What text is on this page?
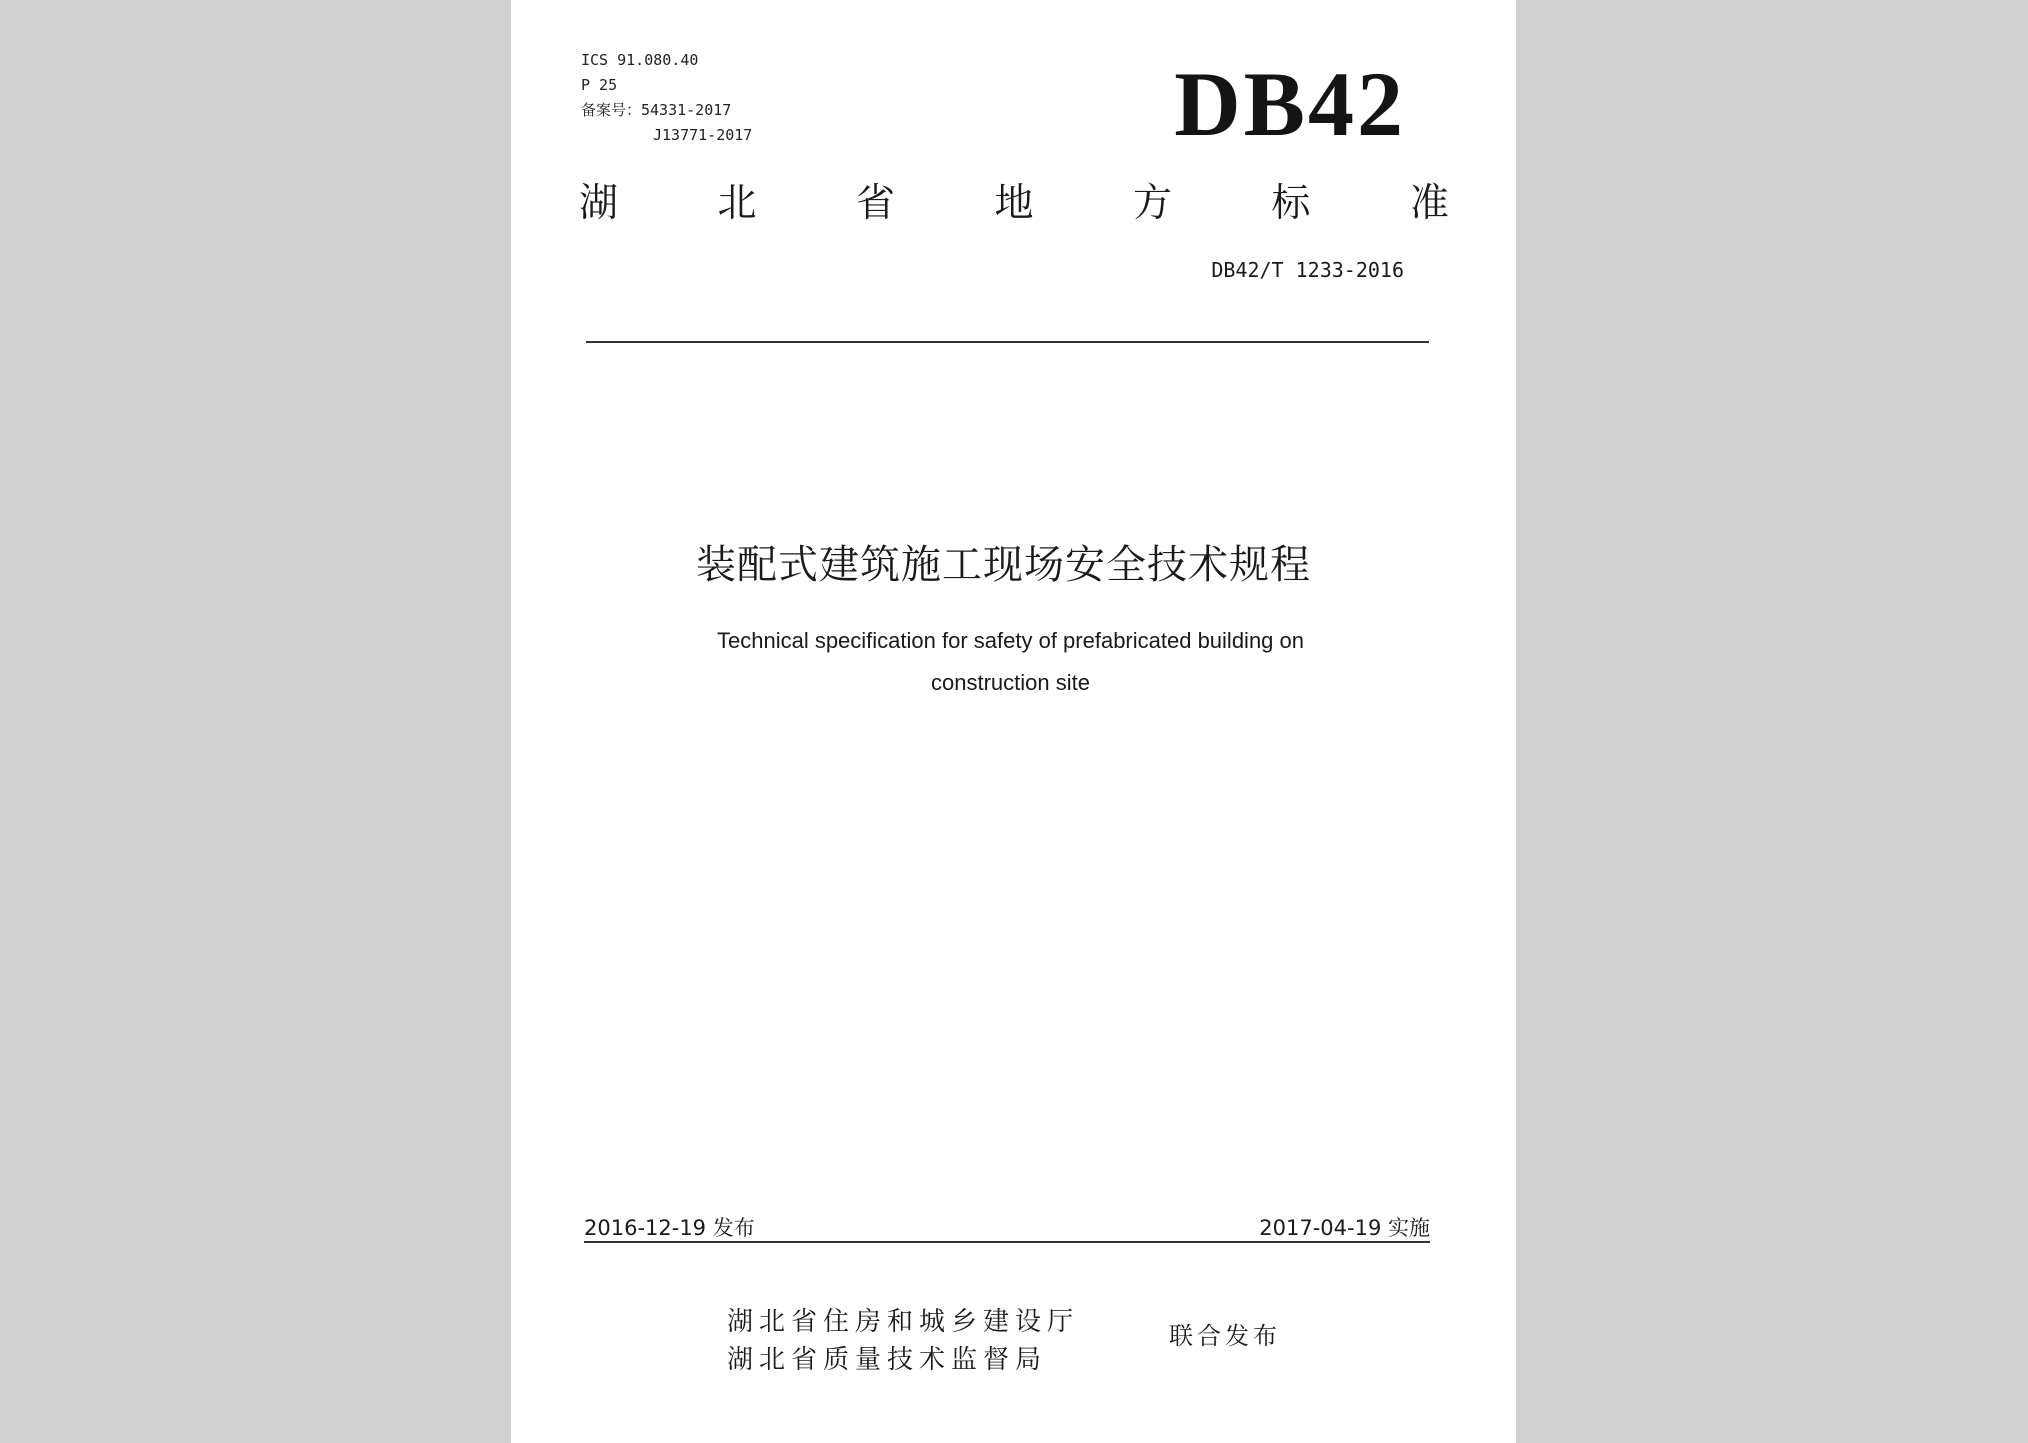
ICS 91.080.40
P 25
备案号：54331-2017
J13771-2017	DB42
湖	北	省	地	方	标	准
DB42/T 1233-2016
装配式建筑施工现场安全技术规程
Technical specification for safety of prefabricated building on
construction site
2016-12-19 发布	2017-04-19 实施
湖北省住房和城乡建设厅
湖北省质量技术监督局
联合发布
